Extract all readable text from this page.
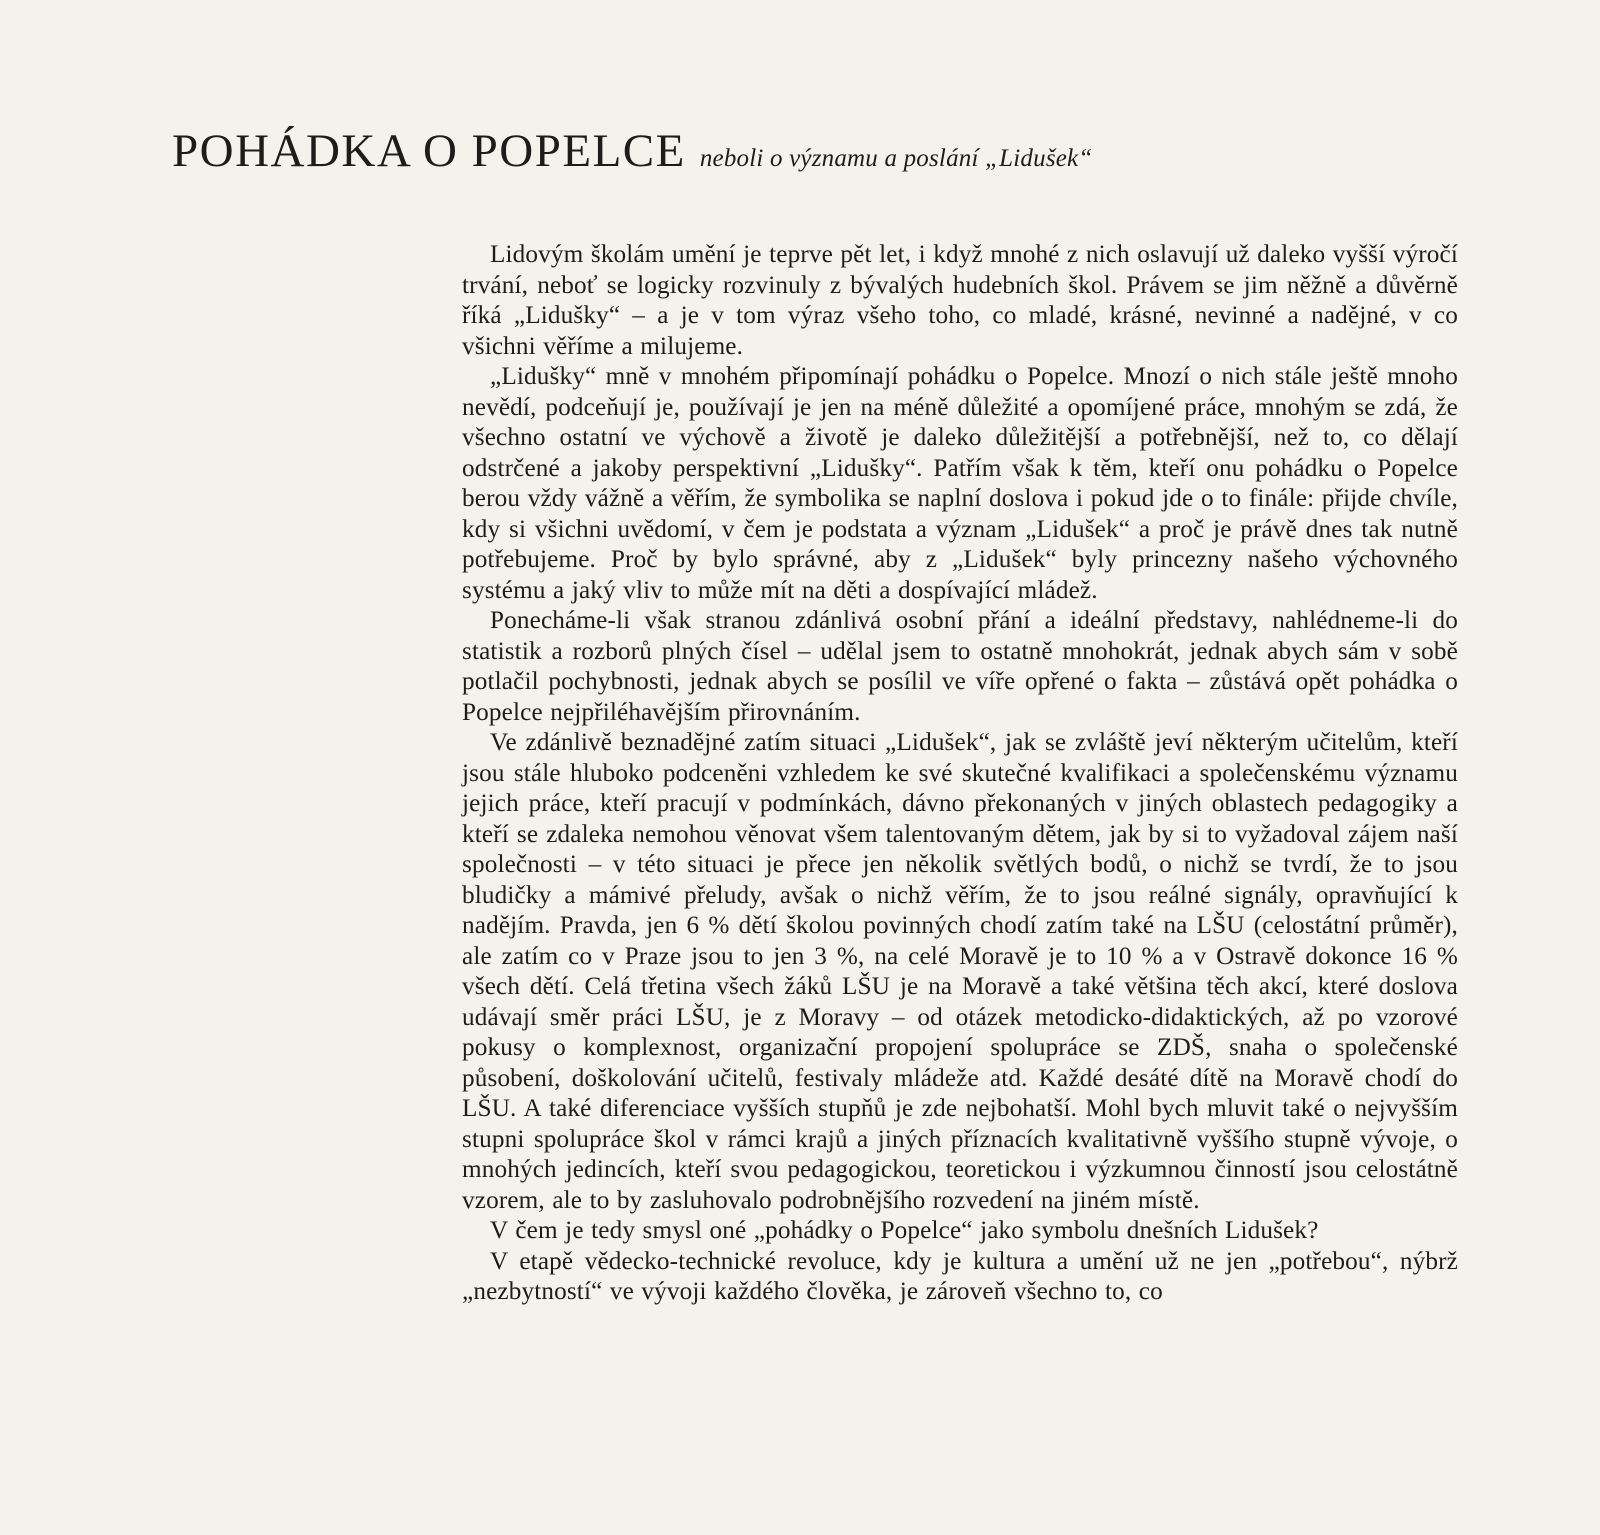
POHÁDKA O POPELCE neboli o významu a poslání „Lidušek“

Lidovým školám umění je teprve pět let, i když mnohé z nich oslavují už daleko vyšší výročí trvání, neboť se logicky rozvinuly z bývalých hudebních škol. Právem se jim něžně a důvěrně říká „Lidušky“ – a je v tom výraz všeho toho, co mladé, krásné, nevinné a nadějné, v co všichni věříme a milujeme.

„Lidušky“ mně v mnohém připomínají pohádku o Popelce. Mnozí o nich stále ještě mnoho nevědí, podceňují je, používají je jen na méně důležité a opomíjené práce, mnohým se zdá, že všechno ostatní ve výchově a životě je daleko důležitější a potřebnější, než to, co dělají odstrčené a jakoby perspektivní „Lidušky“. Patřím však k těm, kteří onu pohádku o Popelce berou vždy vážně a věřím, že symbolika se naplní doslova i pokud jde o to finále: přijde chvíle, kdy si všichni uvědomí, v čem je podstata a význam „Lidušek“ a proč je právě dnes tak nutně potřebujeme. Proč by bylo správné, aby z „Lidušek“ byly princezny našeho výchovného systému a jaký vliv to může mít na děti a dospívající mládež.

Ponecháme-li však stranou zdánlivá osobní přání a ideální představy, nahlédneme-li do statistik a rozborů plných čísel – udělal jsem to ostatně mnohokrát, jednak abych sám v sobě potlačil pochybnosti, jednak abych se posílil ve víře opřené o fakta – zůstává opět pohádka o Popelce nejpřiléhavějším přirovnáním.

Ve zdánlivě beznadějné zatím situaci „Lidušek“, jak se zvláště jeví některým učitelům, kteří jsou stále hluboko podceněni vzhledem ke své skutečné kvalifikaci a společenskému významu jejich práce, kteří pracují v podmínkách, dávno překonaných v jiných oblastech pedagogiky a kteří se zdaleka nemohou věnovat všem talentovaným dětem, jak by si to vyžadoval zájem naší společnosti – v této situaci je přece jen několik světlých bodů, o nichž se tvrdí, že to jsou bludičky a mámivé přeludy, avšak o nichž věřím, že to jsou reálné signály, opravňující k nadějím. Pravda, jen 6 % dětí školou povinných chodí zatím také na LŠU (celostátní průměr), ale zatím co v Praze jsou to jen 3 %, na celé Moravě je to 10 % a v Ostravě dokonce 16 % všech dětí. Celá třetina všech žáků LŠU je na Moravě a také většina těch akcí, které doslova udávají směr práci LŠU, je z Moravy – od otázek metodicko-didaktických, až po vzorové pokusy o komplexnost, organizační propojení spolupráce se ZDŠ, snaha o společenské působení, doškolování učitelů, festivaly mládeže atd. Každé desáté dítě na Moravě chodí do LŠU. A také diferenciace vyšších stupňů je zde nejbohatší. Mohl bych mluvit také o nejvyšším stupni spolupráce škol v rámci krajů a jiných příznacích kvalitativně vyššího stupně vývoje, o mnohých jedincích, kteří svou pedagogickou, teoretickou i výzkumnou činností jsou celostátně vzorem, ale to by zasluhovalo podrobnějšího rozvedení na jiném místě.

V čem je tedy smysl oné „pohádky o Popelce“ jako symbolu dnešních Lidušek?

V etapě vědecko-technické revoluce, kdy je kultura a umění už ne jen „potřebou“, nýbrž „nezbytností“ ve vývoji každého člověka, je zároveň všechno to, co
